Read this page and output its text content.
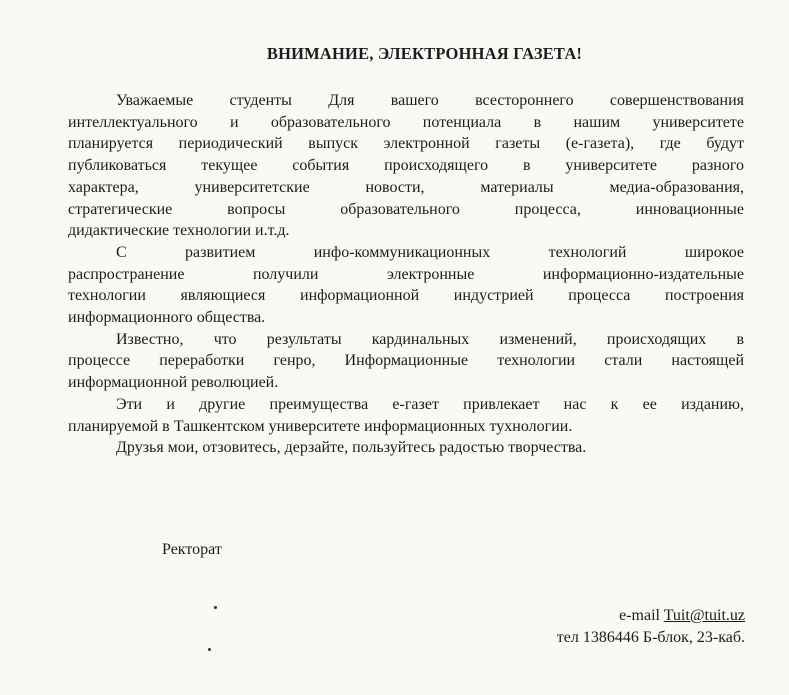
ВНИМАНИЕ, ЭЛЕКТРОННАЯ ГАЗЕТА!

Уважаемые студенты Для вашего всестороннего совершенствования
интеллектуального и образовательного потенциала в нашим университете
планируется периодический выпуск электронной газеты (е-газета), где будут
публиковаться текущее события происходящего в университете разного
характера, университетские новости, материалы медиа-образования,
стратегические вопросы образовательного процесса, инновационные
дидактические технологии и.т.д.

С развитием инфо-коммуникационных технологий широкое
распространение получили электронные информационно-издательные
технологии являющиеся информационной индустрией процесса построения
информационного общества.

Известно, что результаты кардинальных изменений, происходящих в
процессе переработки генро, Информационные технологии стали настоящей
информационной революцией.

Эти и другие преимущества е-газет привлекает нас к ее изданию,
планируемой в Ташкентском университете информационных тухнологии.

Друзья мои, отзовитесь, дерзайте, пользуйтесь радостью творчества.

Ректорат
e-mail Tuit@tuit.uz
тел 1386446 Б-блок, 23-каб.
